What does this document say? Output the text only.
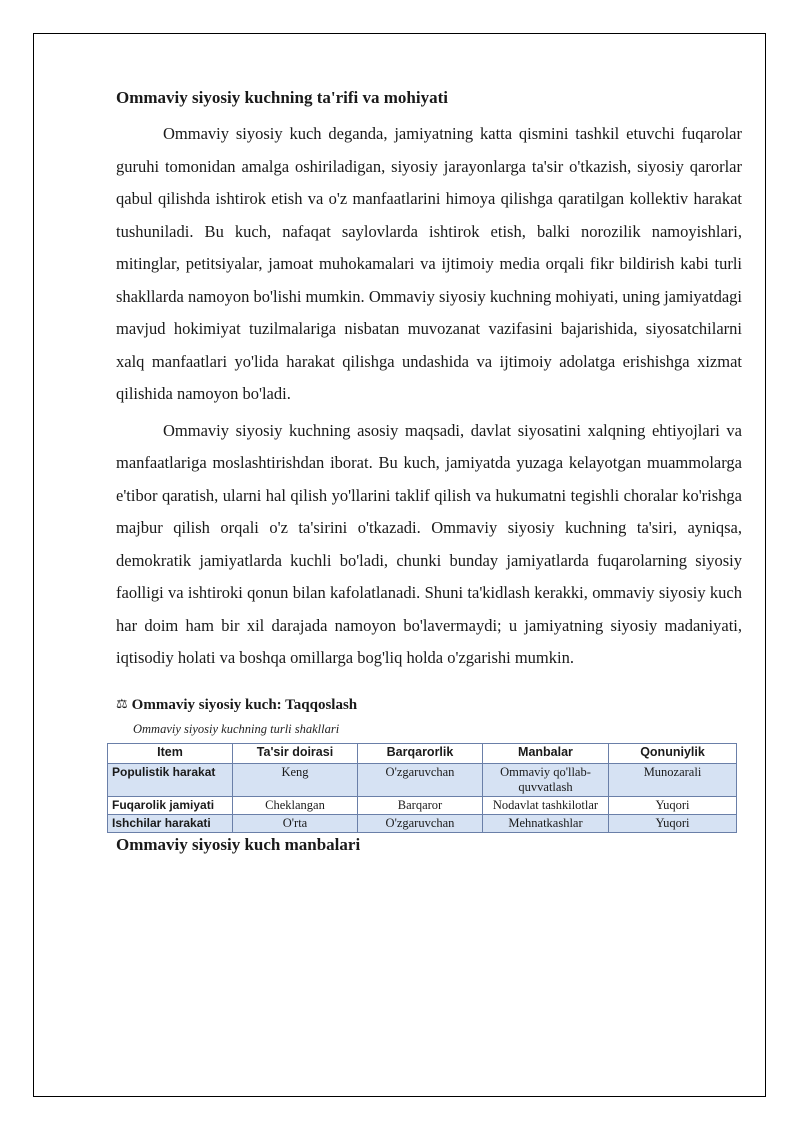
Ommaviy siyosiy kuchning ta'rifi va mohiyati

Ommaviy siyosiy kuch deganda, jamiyatning katta qismini tashkil etuvchi fuqarolar guruhi tomonidan amalga oshiriladigan, siyosiy jarayonlarga ta'sir o'tkazish, siyosiy qarorlar qabul qilishda ishtirok etish va o'z manfaatlarini himoya qilishga qaratilgan kollektiv harakat tushuniladi. Bu kuch, nafaqat saylovlarda ishtirok etish, balki norozilik namoyishlari, mitinglar, petitsiyalar, jamoat muhokamalari va ijtimoiy media orqali fikr bildirish kabi turli shakllarda namoyon bo'lishi mumkin. Ommaviy siyosiy kuchning mohiyati, uning jamiyatdagi mavjud hokimiyat tuzilmalariga nisbatan muvozanat vazifasini bajarishida, siyosatchilarni xalq manfaatlari yo'lida harakat qilishga undashida va ijtimoiy adolatga erishishga xizmat qilishida namoyon bo'ladi.

Ommaviy siyosiy kuchning asosiy maqsadi, davlat siyosatini xalqning ehtiyojlari va manfaatlariga moslashtirishdan iborat. Bu kuch, jamiyatda yuzaga kelayotgan muammolarga e'tibor qaratish, ularni hal qilish yo'llarini taklif qilish va hukumatni tegishli choralar ko'rishga majbur qilish orqali o'z ta'sirini o'tkazadi. Ommaviy siyosiy kuchning ta'siri, ayniqsa, demokratik jamiyatlarda kuchli bo'ladi, chunki bunday jamiyatlarda fuqarolarning siyosiy faolligi va ishtiroki qonun bilan kafolatlanadi. Shuni ta'kidlash kerakki, ommaviy siyosiy kuch har doim ham bir xil darajada namoyon bo'lavermaydi; u jamiyatning siyosiy madaniyati, iqtisodiy holati va boshqa omillarga bog'liq holda o'zgarishi mumkin.

⚖ Ommaviy siyosiy kuch: Taqqoslash
Ommaviy siyosiy kuchning turli shakllari
Item	Ta'sir doirasi	Barqarorlik	Manbalar	Qonuniylik
Populistik harakat	Keng	O'zgaruvchan	Ommaviy qo'llab-quvvatlash	Munozarali
Fuqarolik jamiyati	Cheklangan	Barqaror	Nodavlat tashkilotlar	Yuqori
Ishchilar harakati	O'rta	O'zgaruvchan	Mehnatkashlar	Yuqori
Ommaviy siyosiy kuch manbalari
